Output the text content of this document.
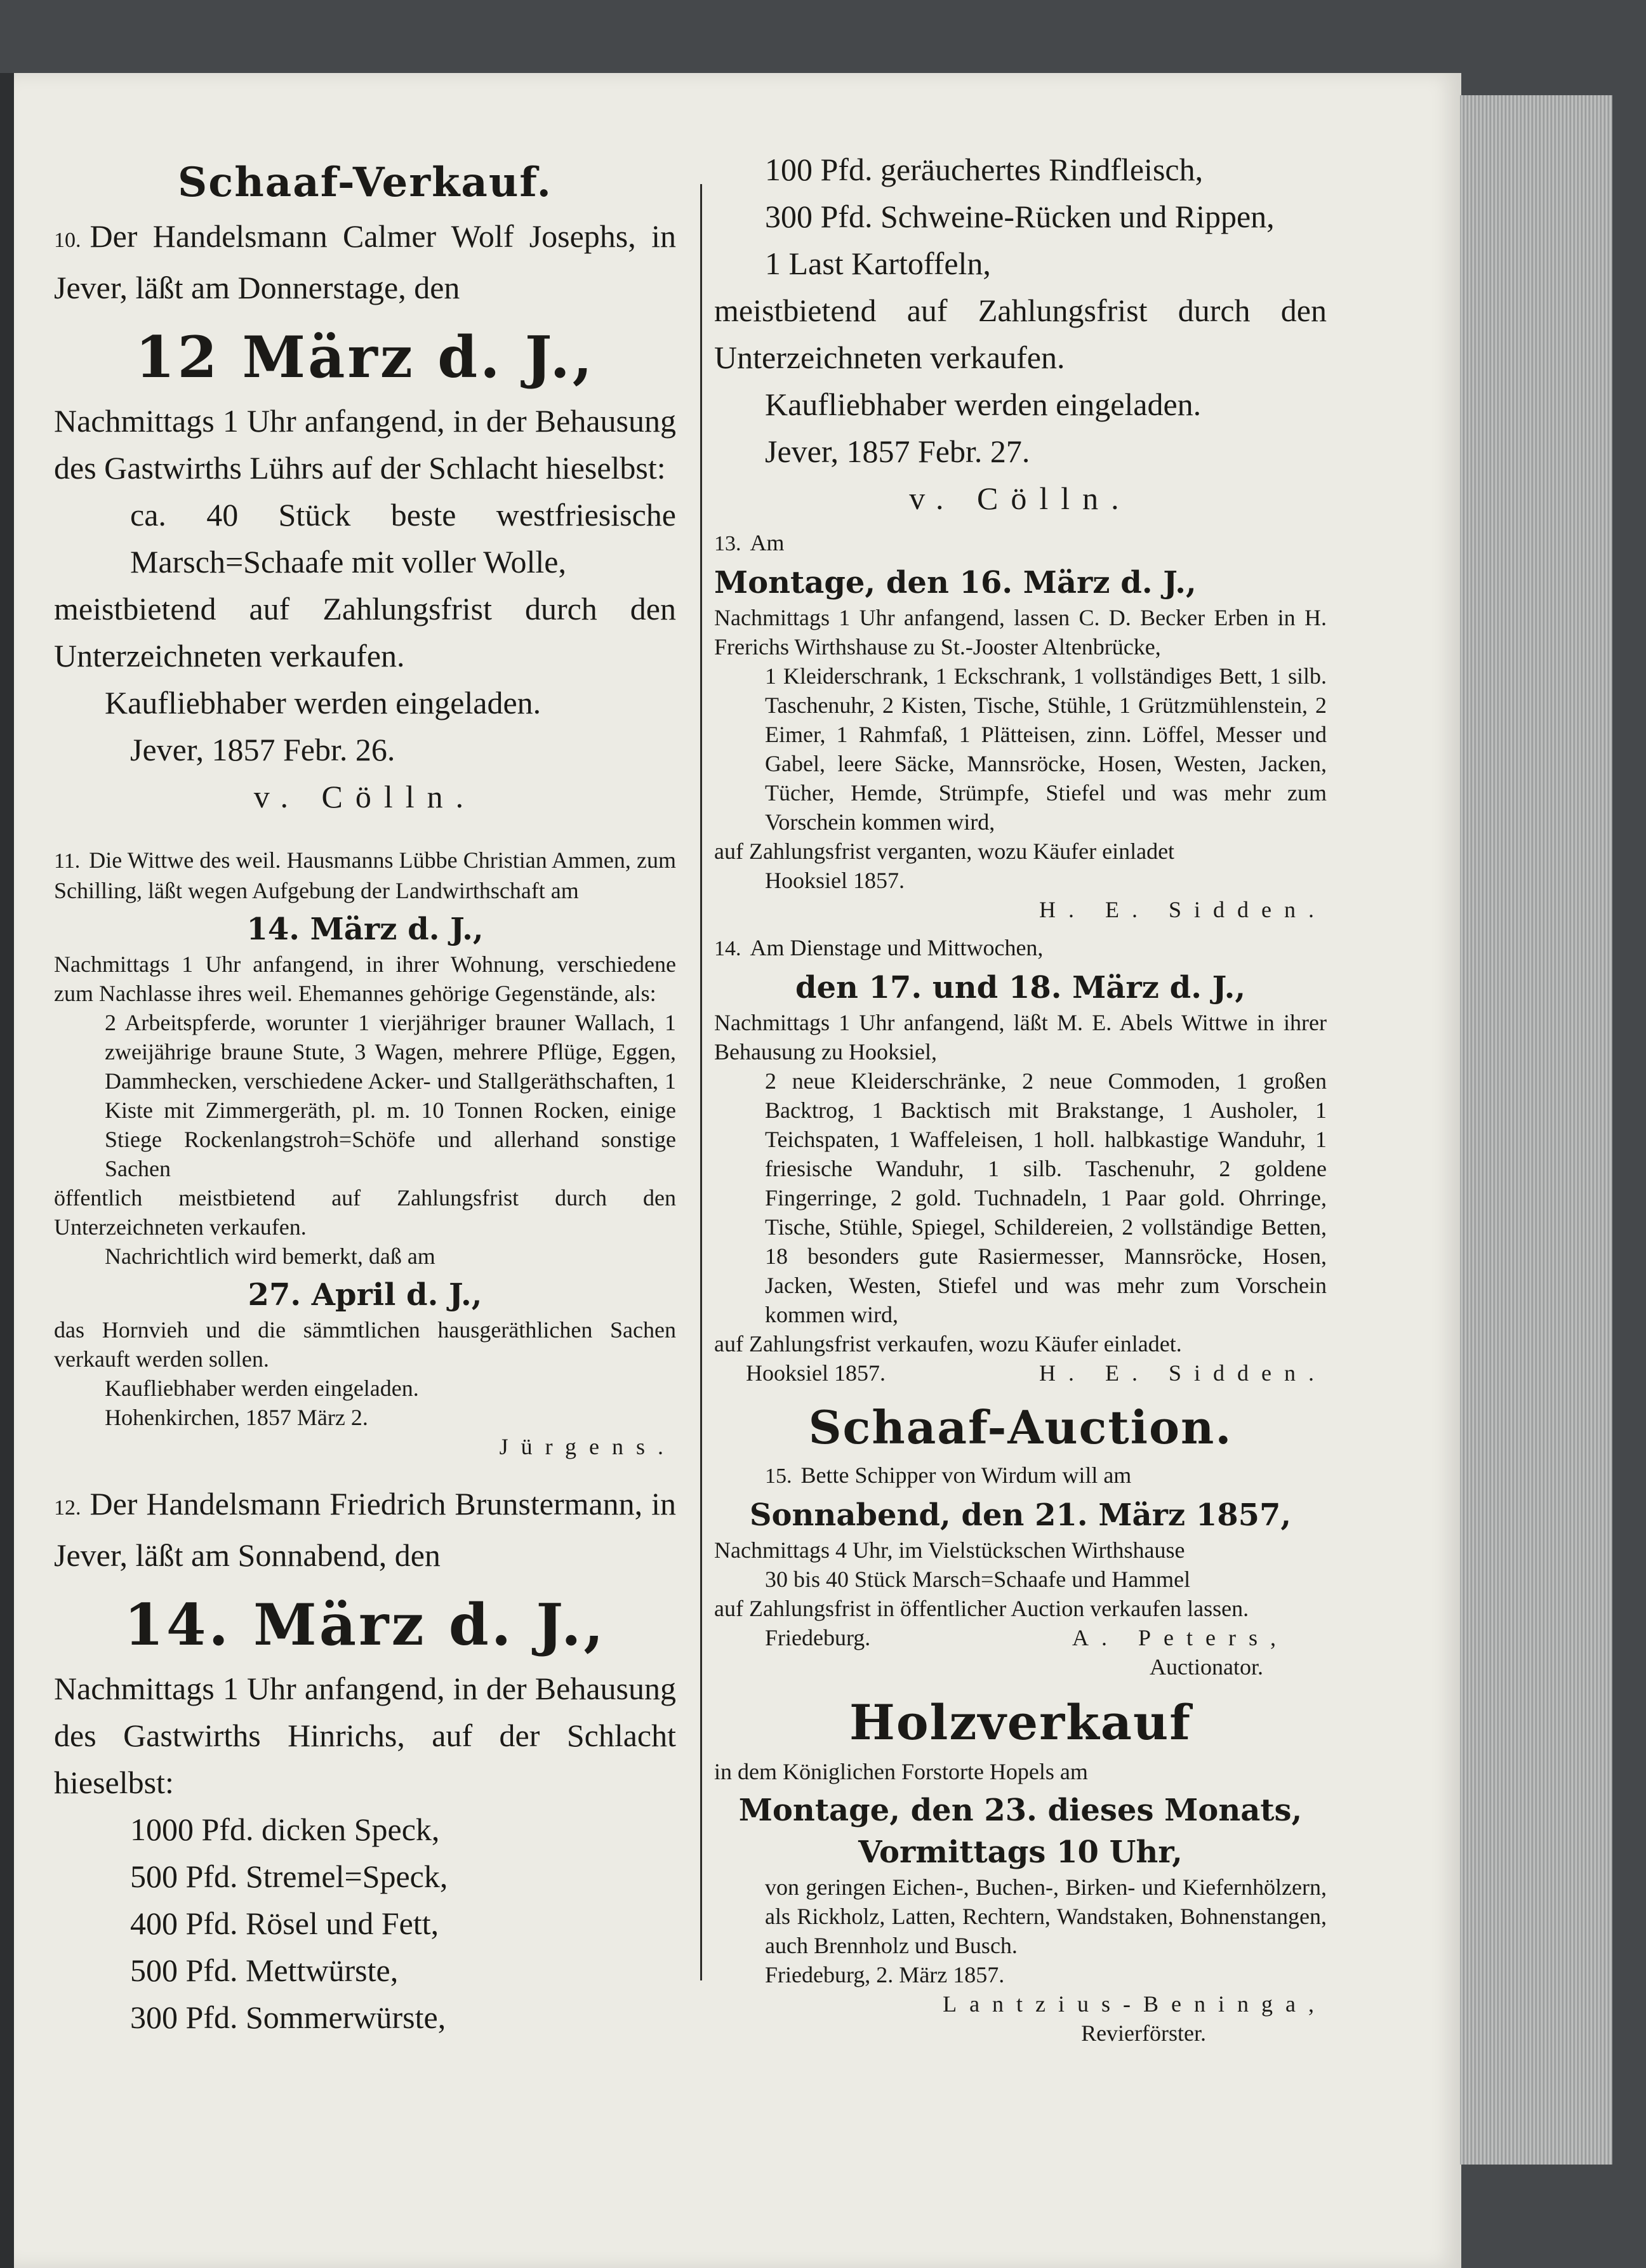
Schaaf-Verkauf.
10. Der Handelsmann Calmer Wolf Josephs, in Jever, läßt am Donnerstage, den
12 März d. J.,
Nachmittags 1 Uhr anfangend, in der Behausung des Gastwirths Lührs auf der Schlacht hieselbst:
ca. 40 Stück beste westfriesische Marsch=Schaafe mit voller Wolle,
meistbietend auf Zahlungsfrist durch den Unterzeichneten verkaufen.
Kaufliebhaber werden eingeladen.
Jever, 1857 Febr. 26.
v. Cölln.
11. Die Wittwe des weil. Hausmanns Lübbe Christian Ammen, zum Schilling, läßt wegen Aufgebung der Landwirthschaft am
14. März d. J.,
Nachmittags 1 Uhr anfangend, in ihrer Wohnung, verschiedene zum Nachlasse ihres weil. Ehemannes gehörige Gegenstände, als:
2 Arbeitspferde, worunter 1 vierjähriger brauner Wallach, 1 zweijährige braune Stute, 3 Wagen, mehrere Pflüge, Eggen, Dammhecken, verschiedene Acker- und Stallgeräthschaften, 1 Kiste mit Zimmergeräth, pl. m. 10 Tonnen Rocken, einige Stiege Rockenlangstroh=Schöfe und allerhand sonstige Sachen
öffentlich meistbietend auf Zahlungsfrist durch den Unterzeichneten verkaufen.
Nachrichtlich wird bemerkt, daß am
27. April d. J.,
das Hornvieh und die sämmtlichen hausgeräthlichen Sachen verkauft werden sollen.
Kaufliebhaber werden eingeladen.
Hohenkirchen, 1857 März 2.
Jürgens.
12. Der Handelsmann Friedrich Brunstermann, in Jever, läßt am Sonnabend, den
14. März d. J.,
Nachmittags 1 Uhr anfangend, in der Behausung des Gastwirths Hinrichs, auf der Schlacht hieselbst:
1000 Pfd. dicken Speck,
500 Pfd. Stremel=Speck,
400 Pfd. Rösel und Fett,
500 Pfd. Mettwürste,
300 Pfd. Sommerwürste,
100 Pfd. geräuchertes Rindfleisch,
300 Pfd. Schweine-Rücken und Rippen,
1 Last Kartoffeln,
meistbietend auf Zahlungsfrist durch den Unterzeichneten verkaufen.
Kaufliebhaber werden eingeladen.
Jever, 1857 Febr. 27.
v. Cölln.
13. Am
Montage, den 16. März d. J.,
Nachmittags 1 Uhr anfangend, lassen C. D. Becker Erben in H. Frerichs Wirthshause zu St.-Jooster Altenbrücke,
1 Kleiderschrank, 1 Eckschrank, 1 vollständiges Bett, 1 silb. Taschenuhr, 2 Kisten, Tische, Stühle, 1 Grützmühlenstein, 2 Eimer, 1 Rahmfaß, 1 Plätteisen, zinn. Löffel, Messer und Gabel, leere Säcke, Mannsröcke, Hosen, Westen, Jacken, Tücher, Hemde, Strümpfe, Stiefel und was mehr zum Vorschein kommen wird,
auf Zahlungsfrist verganten, wozu Käufer einladet
Hooksiel 1857.
H. E. Sidden.
14. Am Dienstage und Mittwochen,
den 17. und 18. März d. J.,
Nachmittags 1 Uhr anfangend, läßt M. E. Abels Wittwe in ihrer Behausung zu Hooksiel,
2 neue Kleiderschränke, 2 neue Commoden, 1 großen Backtrog, 1 Backtisch mit Brakstange, 1 Ausholer, 1 Teichspaten, 1 Waffeleisen, 1 holl. halbkastige Wanduhr, 1 friesische Wanduhr, 1 silb. Taschenuhr, 2 goldene Fingerringe, 2 gold. Tuchnadeln, 1 Paar gold. Ohrringe, Tische, Stühle, Spiegel, Schildereien, 2 vollständige Betten, 18 besonders gute Rasiermesser, Mannsröcke, Hosen, Jacken, Westen, Stiefel und was mehr zum Vorschein kommen wird,
auf Zahlungsfrist verkaufen, wozu Käufer einladet.
Hooksiel 1857.	H. E. Sidden.
Schaaf-Auction.
15. Bette Schipper von Wirdum will am
Sonnabend, den 21. März 1857,
Nachmittags 4 Uhr, im Vielstückschen Wirthshause
30 bis 40 Stück Marsch=Schaafe und Hammel
auf Zahlungsfrist in öffentlicher Auction verkaufen lassen.
Friedeburg.	A. Peters,
Auctionator.
Holzverkauf
in dem Königlichen Forstorte Hopels am
Montage, den 23. dieses Monats,
Vormittags 10 Uhr,
von geringen Eichen-, Buchen-, Birken- und Kiefernhölzern, als Rickholz, Latten, Rechtern, Wandstaken, Bohnenstangen, auch Brennholz und Busch.
Friedeburg, 2. März 1857.
Lantzius-Beninga,
Revierförster.
